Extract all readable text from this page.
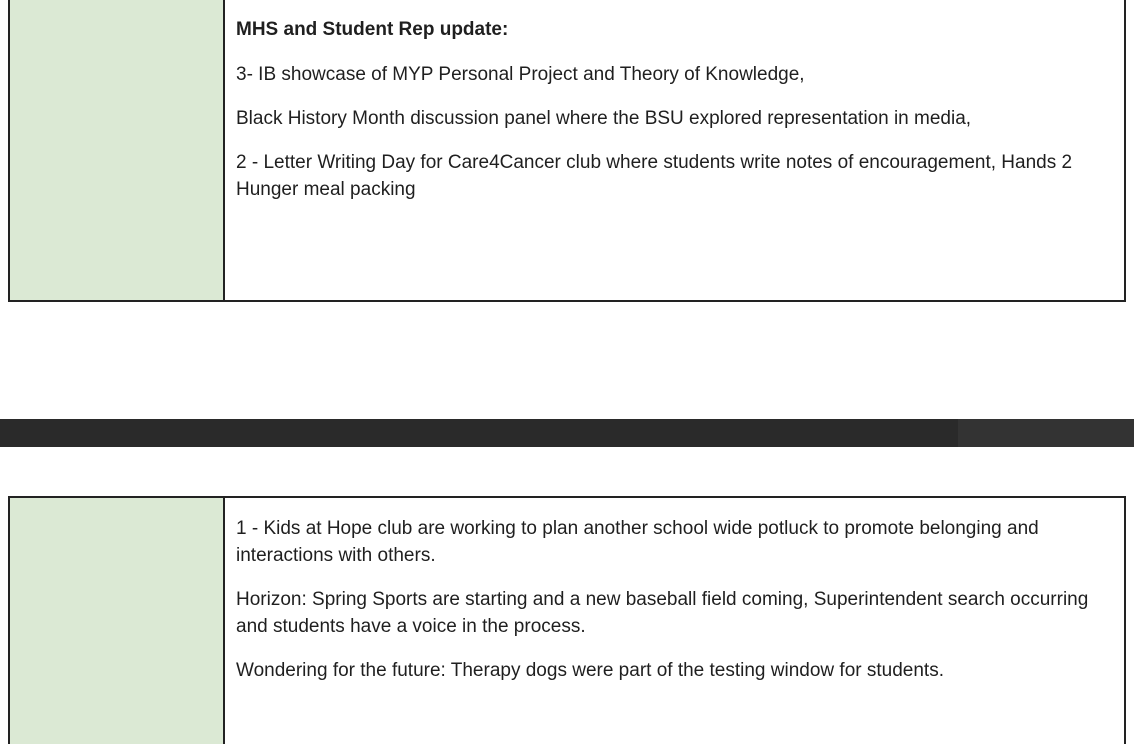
MHS and Student Rep update:
3- IB showcase of MYP Personal Project and Theory of Knowledge,
Black History Month discussion panel where the BSU explored representation in media,
2 - Letter Writing Day for Care4Cancer club where students write notes of encouragement, Hands 2 Hunger meal packing
1 - Kids at Hope club are working to plan another school wide potluck to promote belonging and interactions with others.
Horizon: Spring Sports are starting and a new baseball field coming, Superintendent search occurring and students have a voice in the process.
Wondering for the future: Therapy dogs were part of the testing window for students.
